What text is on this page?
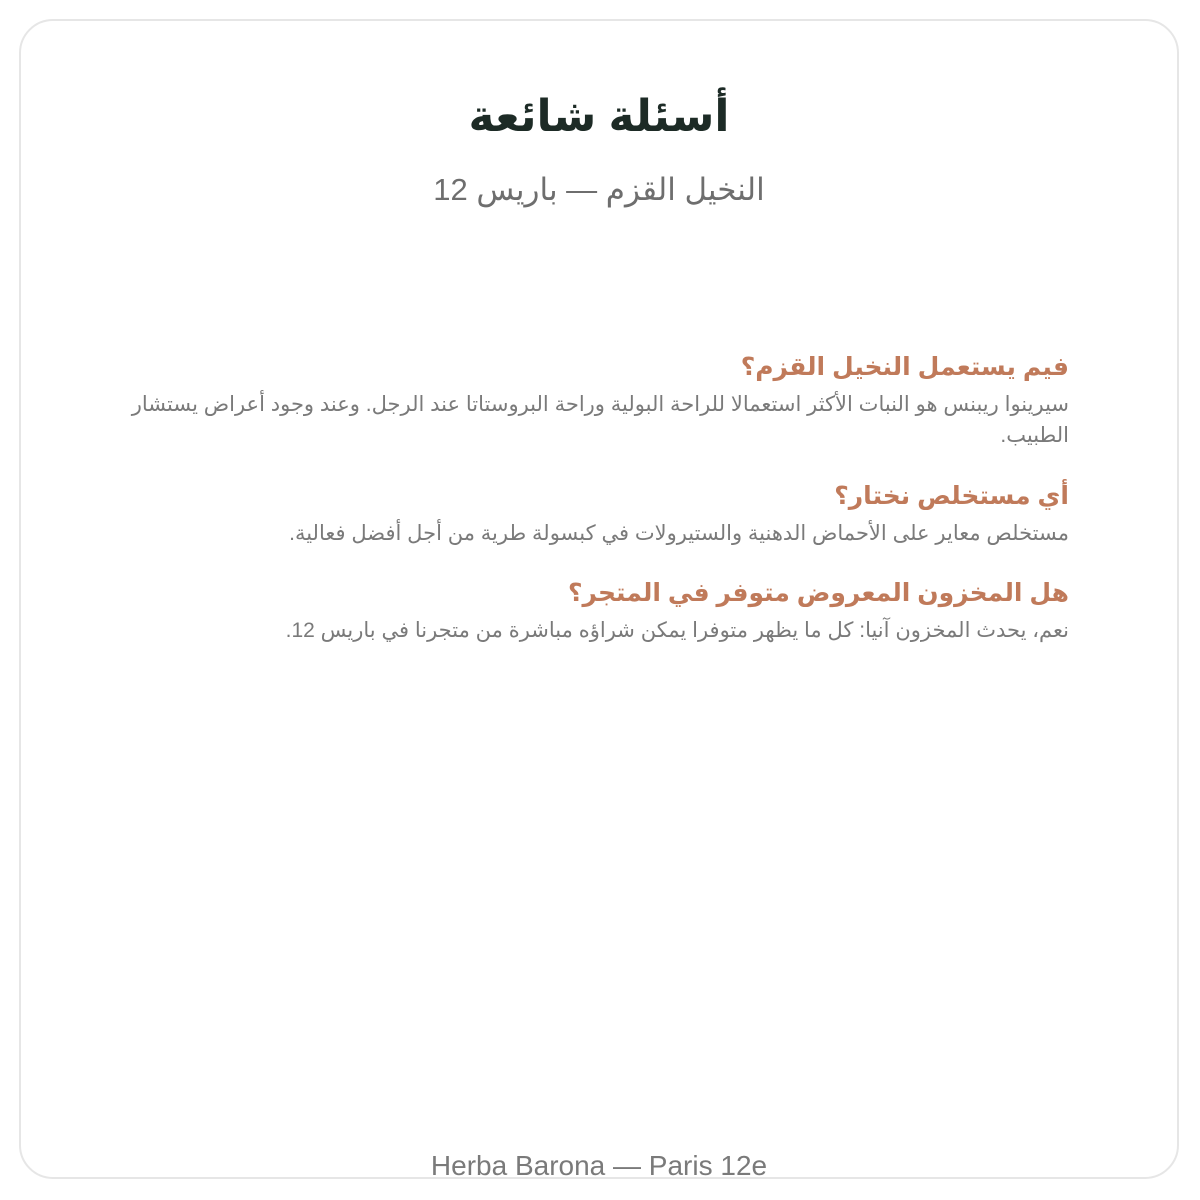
أسئلة شائعة
النخيل القزم — باريس 12
فيم يستعمل النخيل القزم؟

سيرينوا ريبنس هو النبات الأكثر استعمالا للراحة البولية وراحة البروستاتا عند الرجل. وعند وجود أعراض يستشار الطبيب.

أي مستخلص نختار؟

مستخلص معاير على الأحماض الدهنية والستيرولات في كبسولة طرية من أجل أفضل فعالية.

هل المخزون المعروض متوفر في المتجر؟

نعم، يحدث المخزون آنيا: كل ما يظهر متوفرا يمكن شراؤه مباشرة من متجرنا في باريس 12.

Herba Barona — Paris 12e
